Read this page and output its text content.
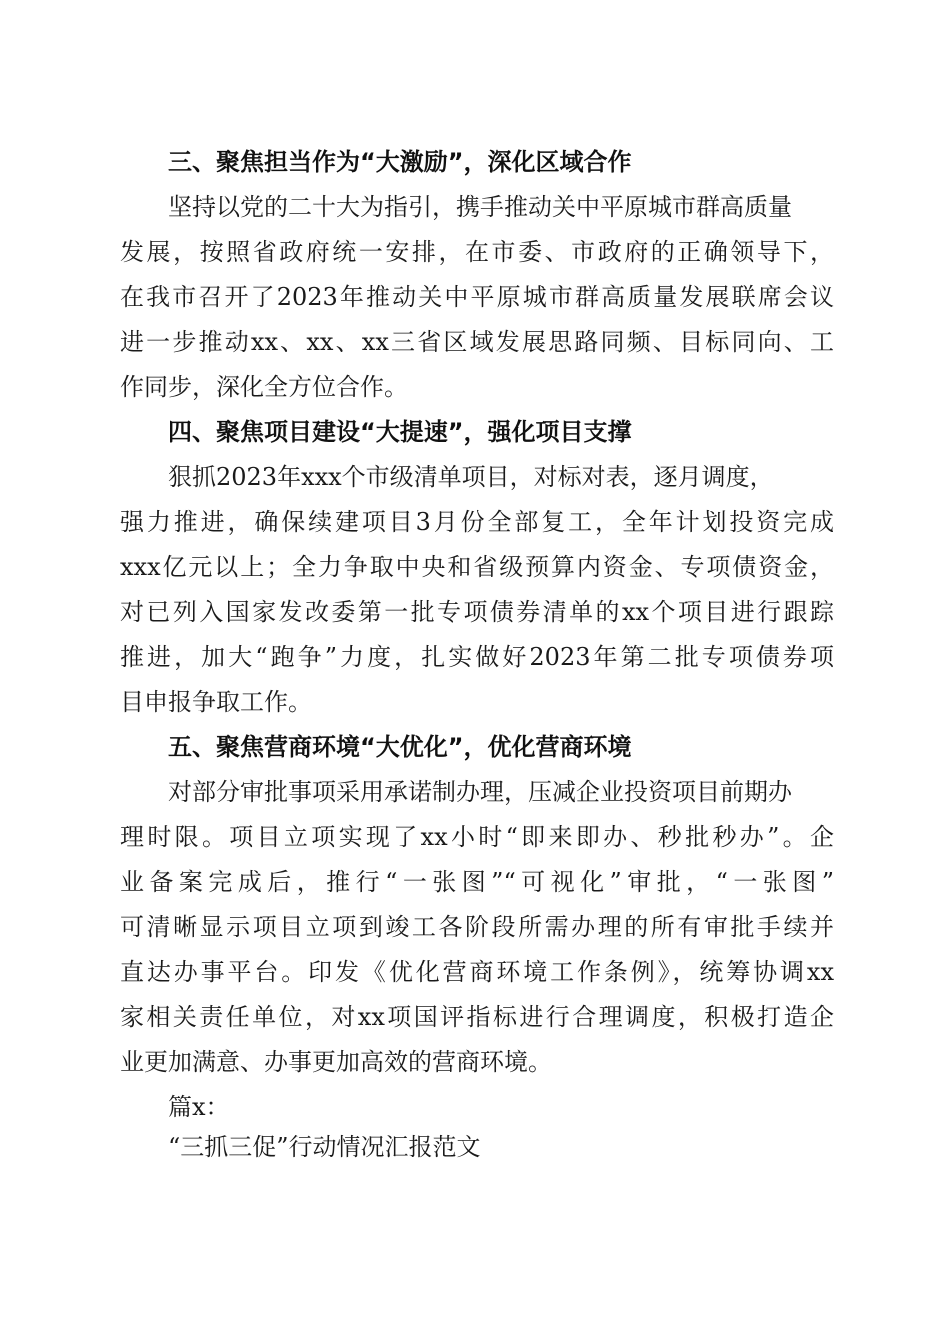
三、聚焦担当作为“大激励”，深化区域合作
坚持以党的二十大为指引，携手推动关中平原城市群高质量
发展，按照省政府统一安排，在市委、市政府的正确领导下，
在我市召开了2023年推动关中平原城市群高质量发展联席会议
进一步推动xx、xx、xx三省区域发展思路同频、目标同向、工
作同步，深化全方位合作。
四、聚焦项目建设“大提速”，强化项目支撑
狠抓2023年xxx个市级清单项目，对标对表，逐月调度，
强力推进，确保续建项目3月份全部复工，全年计划投资完成
xxx亿元以上；全力争取中央和省级预算内资金、专项债资金，
对已列入国家发改委第一批专项债券清单的xx个项目进行跟踪
推进，加大“跑争”力度，扎实做好2023年第二批专项债券项
目申报争取工作。
五、聚焦营商环境“大优化”，优化营商环境
对部分审批事项采用承诺制办理，压减企业投资项目前期办
理时限。项目立项实现了xx小时“即来即办、秒批秒办”。企
业备案完成后，推行“一张图”“可视化”审批，“一张图”
可清晰显示项目立项到竣工各阶段所需办理的所有审批手续并
直达办事平台。印发《优化营商环境工作条例》，统筹协调xx
家相关责任单位，对xx项国评指标进行合理调度，积极打造企
业更加满意、办事更加高效的营商环境。
篇x：
“三抓三促”行动情况汇报范文
